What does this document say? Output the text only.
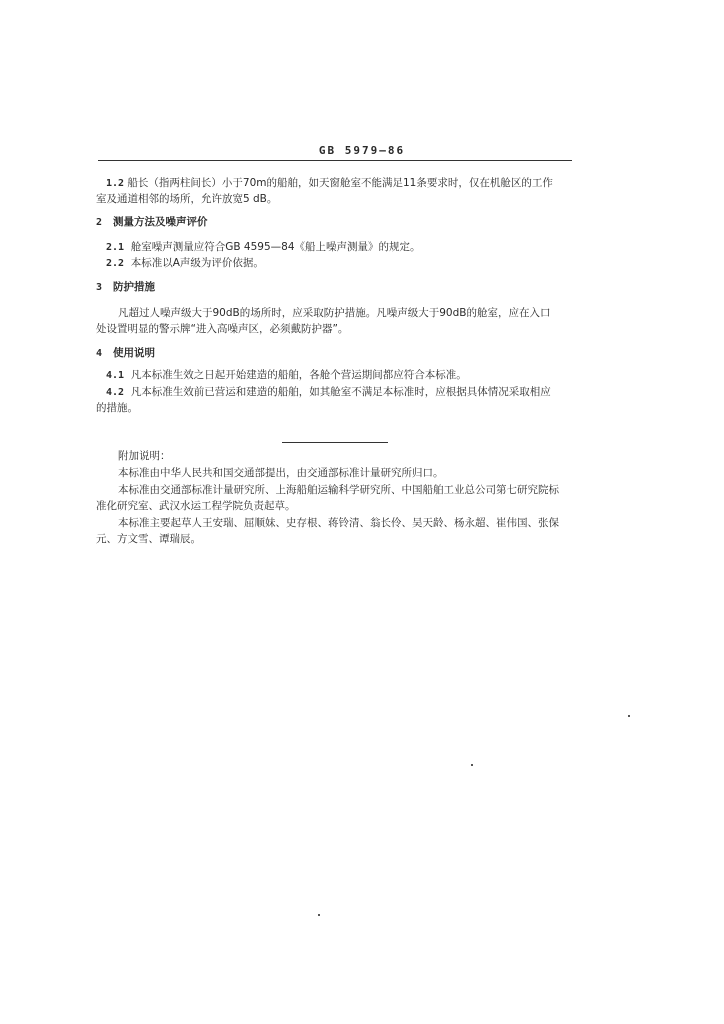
GB 5979—86
1.2 船长（指两柱间长）小于70m的船舶，如天窗舱室不能满足11条要求时，仅在机舱区的工作
室及通道相邻的场所，允许放宽5 dB。
2 测量方法及噪声评价
2.1 舱室噪声测量应符合GB 4595—84《船上噪声测量》的规定。
2.2 本标准以A声级为评价依据。
3 防护措施
凡超过人噪声级大于90dB的场所时，应采取防护措施。凡噪声级大于90dB的舱室，应在入口
处设置明显的警示牌“进入高噪声区，必须戴防护器”。
4 使用说明
4.1 凡本标准生效之日起开始建造的船舶，各舱个营运期间都应符合本标准。
4.2 凡本标准生效前已营运和建造的船舶，如其舱室不满足本标准时，应根据具体情况采取相应
的措施。
附加说明：
本标准由中华人民共和国交通部提出，由交通部标准计量研究所归口。
本标准由交通部标准计量研究所、上海船舶运输科学研究所、中国船舶工业总公司第七研究院标
准化研究室、武汉水运工程学院负责起草。
本标准主要起草人王安瑞、屈顺妹、史存根、蒋铃清、翁长伶、吴天龄、杨永超、崔伟国、张保
元、方文雪、谭瑞辰。
